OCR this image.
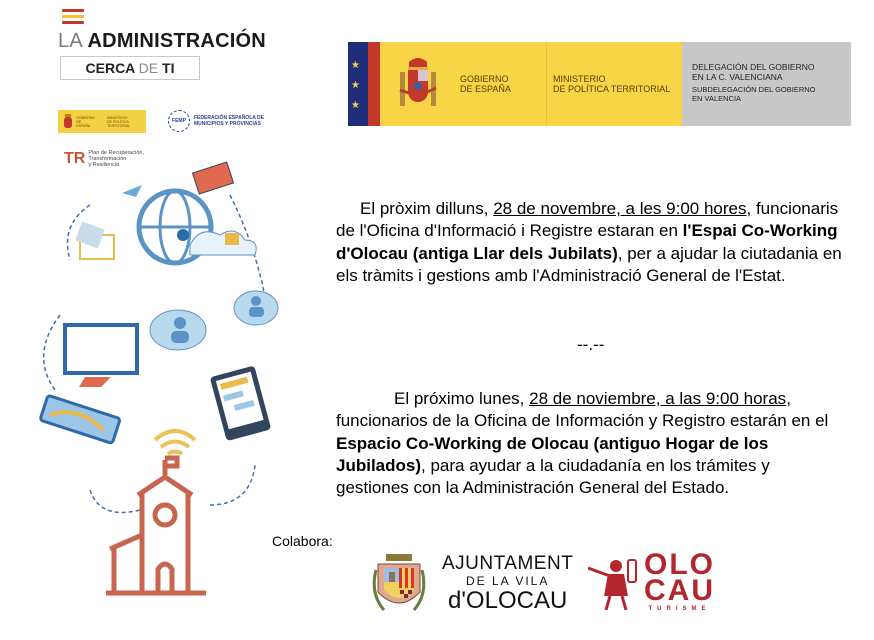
LA ADMINISTRACIÓN
CERCA DE TI
GOBIERNO
DE ESPAÑA
MINISTERIO
DE POLÍTICA TERRITORIAL
FEMP	FEDERACIÓN ESPAÑOLA DE
MUNICIPIOS Y PROVINCIAS
TR Plan de Recuperación,
Transformación
y Resiliencia
★
★
★
GOBIERNO
DE ESPAÑA
MINISTERIO
DE POLÍTICA TERRITORIAL
DELEGACIÓN DEL GOBIERNO
EN LA C. VALENCIANA
SUBDELEGACIÓN DEL GOBIERNO
EN VALENCIA
El pròxim dilluns, 28 de novembre, a les 9:00 hores, funcionaris de l'Oficina d'Informació i Registre estaran en l'Espai Co-Working d'Olocau (antiga Llar dels Jubilats), per a ajudar la ciutadania en els tràmits i gestions amb l'Administració General de l'Estat.
--.--
El próximo lunes, 28 de noviembre, a las 9:00 horas, funcionarios de la Oficina de Información y Registro estarán en el Espacio Co-Working de Olocau (antiguo Hogar de los Jubilados), para ayudar a la ciudadanía en los trámites y gestiones con la Administración General del Estado.
Colabora:
AJUNTAMENT
DE LA VILA
d'OLOCAU
OLO
CAU
TURISME
